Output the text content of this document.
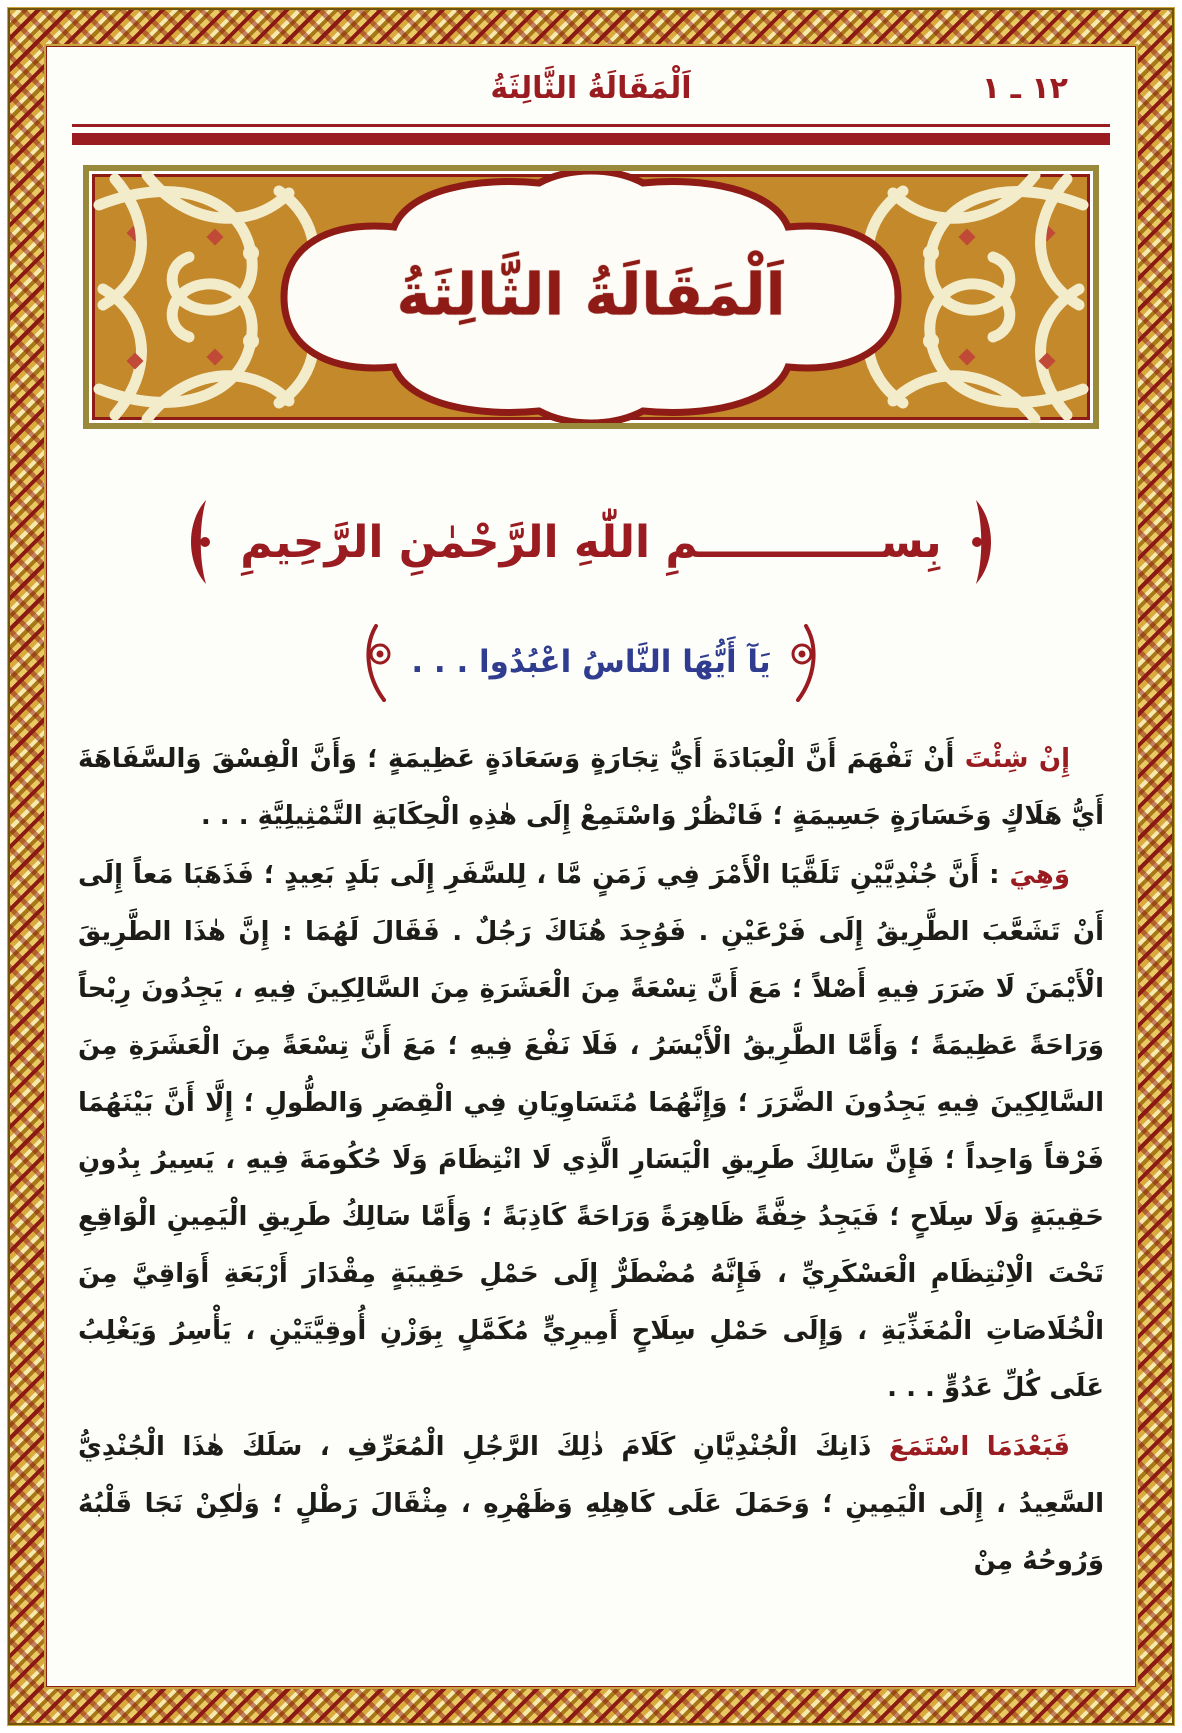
اَلْمَقَالَةُ الثَّالِثَةُ	١٢ ـ ١
اَلْمَقَالَةُ الثَّالِثَةُ
بِســــــــــــمِ اللّٰهِ الرَّحْمٰنِ الرَّحِيمِ
يَآ أَيُّهَا النَّاسُ اعْبُدُوا . . .

إِنْ شِئْتَ أَنْ تَفْهَمَ أَنَّ الْعِبَادَةَ أَيُّ تِجَارَةٍ وَسَعَادَةٍ عَظِيمَةٍ ؛ وَأَنَّ الْفِسْقَ وَالسَّفَاهَةَ أَيُّ هَلَاكٍ وَخَسَارَةٍ جَسِيمَةٍ ؛ فَانْظُرْ وَاسْتَمِعْ إِلَى هٰذِهِ الْحِكَايَةِ التَّمْثِيلِيَّةِ . . .

وَهِيَ : أَنَّ جُنْدِيَّيْنِ تَلَقَّيَا الْأَمْرَ فِي زَمَنٍ مَّا ، لِلسَّفَرِ إِلَى بَلَدٍ بَعِيدٍ ؛ فَذَهَبَا مَعاً إِلَى أَنْ تَشَعَّبَ الطَّرِيقُ إِلَى فَرْعَيْنِ . فَوُجِدَ هُنَاكَ رَجُلٌ . فَقَالَ لَهُمَا : إِنَّ هٰذَا الطَّرِيقَ الْأَيْمَنَ لَا ضَرَرَ فِيهِ أَصْلاً ؛ مَعَ أَنَّ تِسْعَةً مِنَ الْعَشَرَةِ مِنَ السَّالِكِينَ فِيهِ ، يَجِدُونَ رِبْحاً وَرَاحَةً عَظِيمَةً ؛ وَأَمَّا الطَّرِيقُ الْأَيْسَرُ ، فَلَا نَفْعَ فِيهِ ؛ مَعَ أَنَّ تِسْعَةً مِنَ الْعَشَرَةِ مِنَ السَّالِكِينَ فِيهِ يَجِدُونَ الضَّرَرَ ؛ وَإِنَّهُمَا مُتَسَاوِيَانِ فِي الْقِصَرِ وَالطُّولِ ؛ إِلَّا أَنَّ بَيْنَهُمَا فَرْقاً وَاحِداً ؛ فَإِنَّ سَالِكَ طَرِيقِ الْيَسَارِ الَّذِي لَا انْتِظَامَ وَلَا حُكُومَةَ فِيهِ ، يَسِيرُ بِدُونِ حَقِيبَةٍ وَلَا سِلَاحٍ ؛ فَيَجِدُ خِفَّةً ظَاهِرَةً وَرَاحَةً كَاذِبَةً ؛ وَأَمَّا سَالِكُ طَرِيقِ الْيَمِينِ الْوَاقِعِ تَحْتَ الْاِنْتِظَامِ الْعَسْكَرِيِّ ، فَإِنَّهُ مُضْطَرٌّ إِلَى حَمْلِ حَقِيبَةٍ مِقْدَارَ أَرْبَعَةِ أَوَاقِيَّ مِنَ الْخُلَاصَاتِ الْمُغَذِّيَةِ ، وَإِلَى حَمْلِ سِلَاحٍ أَمِيرِيٍّ مُكَمَّلٍ بِوَزْنِ أُوقِيَّتَيْنِ ، يَأْسِرُ وَيَغْلِبُ عَلَى كُلِّ عَدُوٍّ . . .

فَبَعْدَمَا اسْتَمَعَ ذَانِكَ الْجُنْدِيَّانِ كَلَامَ ذٰلِكَ الرَّجُلِ الْمُعَرِّفِ ، سَلَكَ هٰذَا الْجُنْدِيُّ السَّعِيدُ ، إِلَى الْيَمِينِ ؛ وَحَمَلَ عَلَى كَاهِلِهِ وَظَهْرِهِ ، مِثْقَالَ رَطْلٍ ؛ وَلٰكِنْ نَجَا قَلْبُهُ وَرُوحُهُ مِنْ
